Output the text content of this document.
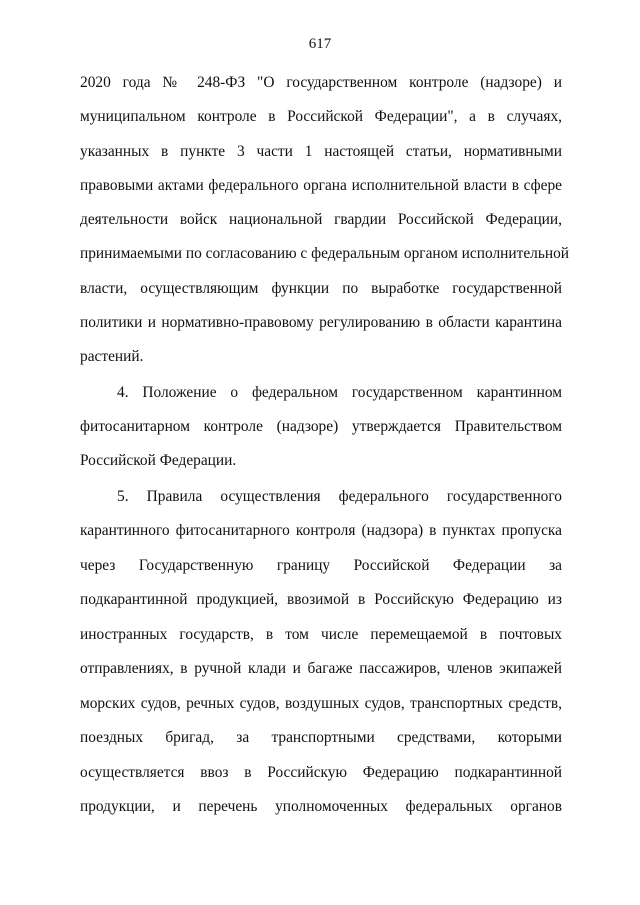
617
2020 года № 248-ФЗ "О государственном контроле (надзоре) и
муниципальном контроле в Российской Федерации", а в случаях,
указанных в пункте 3 части 1 настоящей статьи, нормативными
правовыми актами федерального органа исполнительной власти в сфере
деятельности войск национальной гвардии Российской Федерации,
принимаемыми по согласованию с федеральным органом исполнительной
власти, осуществляющим функции по выработке государственной
политики и нормативно-правовому регулированию в области карантина
растений.
4. Положение о федеральном государственном карантинном
фитосанитарном контроле (надзоре) утверждается Правительством
Российской Федерации.
5. Правила осуществления федерального государственного
карантинного фитосанитарного контроля (надзора) в пунктах пропуска
через Государственную границу Российской Федерации за
подкарантинной продукцией, ввозимой в Российскую Федерацию из
иностранных государств, в том числе перемещаемой в почтовых
отправлениях, в ручной клади и багаже пассажиров, членов экипажей
морских судов, речных судов, воздушных судов, транспортных средств,
поездных бригад, за транспортными средствами, которыми
осуществляется ввоз в Российскую Федерацию подкарантинной
продукции, и перечень уполномоченных федеральных органов
